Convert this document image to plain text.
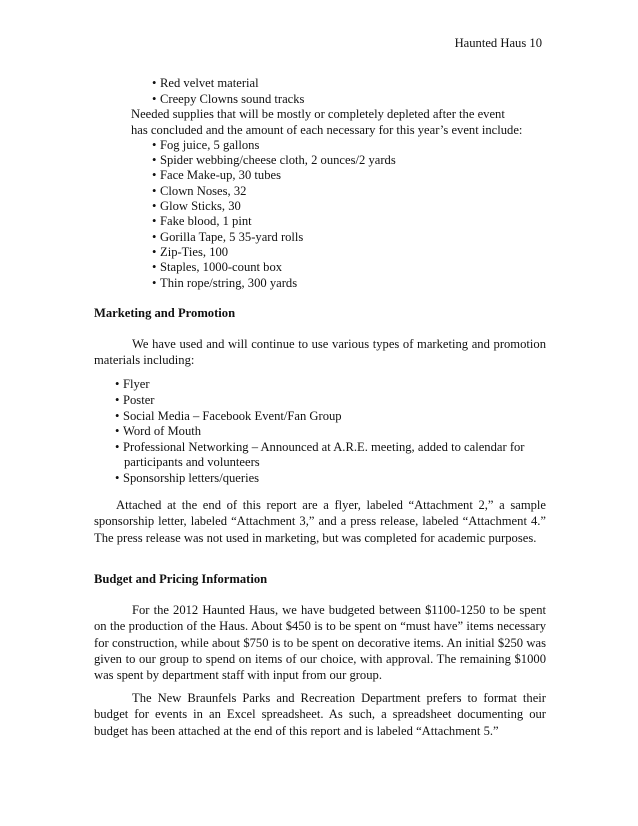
Haunted Haus 10
• Red velvet material
• Creepy Clowns sound tracks
Needed supplies that will be mostly or completely depleted after the event
has concluded and the amount of each necessary for this year’s event include:
• Fog juice, 5 gallons
• Spider webbing/cheese cloth, 2 ounces/2 yards
• Face Make-up, 30 tubes
• Clown Noses, 32
• Glow Sticks, 30
• Fake blood, 1 pint
• Gorilla Tape, 5 35-yard rolls
• Zip-Ties, 100
• Staples, 1000-count box
• Thin rope/string, 300 yards
Marketing and Promotion
We have used and will continue to use various types of marketing and promotion materials including:
• Flyer
• Poster
• Social Media – Facebook Event/Fan Group
• Word of Mouth
• Professional Networking – Announced at A.R.E. meeting, added to calendar for
participants and volunteers
• Sponsorship letters/queries
Attached at the end of this report are a flyer, labeled “Attachment 2,” a sample sponsorship letter, labeled “Attachment 3,” and a press release, labeled “Attachment 4.” The press release was not used in marketing, but was completed for academic purposes.
Budget and Pricing Information
For the 2012 Haunted Haus, we have budgeted between $1100-1250 to be spent on the production of the Haus. About $450 is to be spent on “must have” items necessary for construction, while about $750 is to be spent on decorative items. An initial $250 was given to our group to spend on items of our choice, with approval. The remaining $1000 was spent by department staff with input from our group.
The New Braunfels Parks and Recreation Department prefers to format their budget for events in an Excel spreadsheet. As such, a spreadsheet documenting our budget has been attached at the end of this report and is labeled “Attachment 5.”
